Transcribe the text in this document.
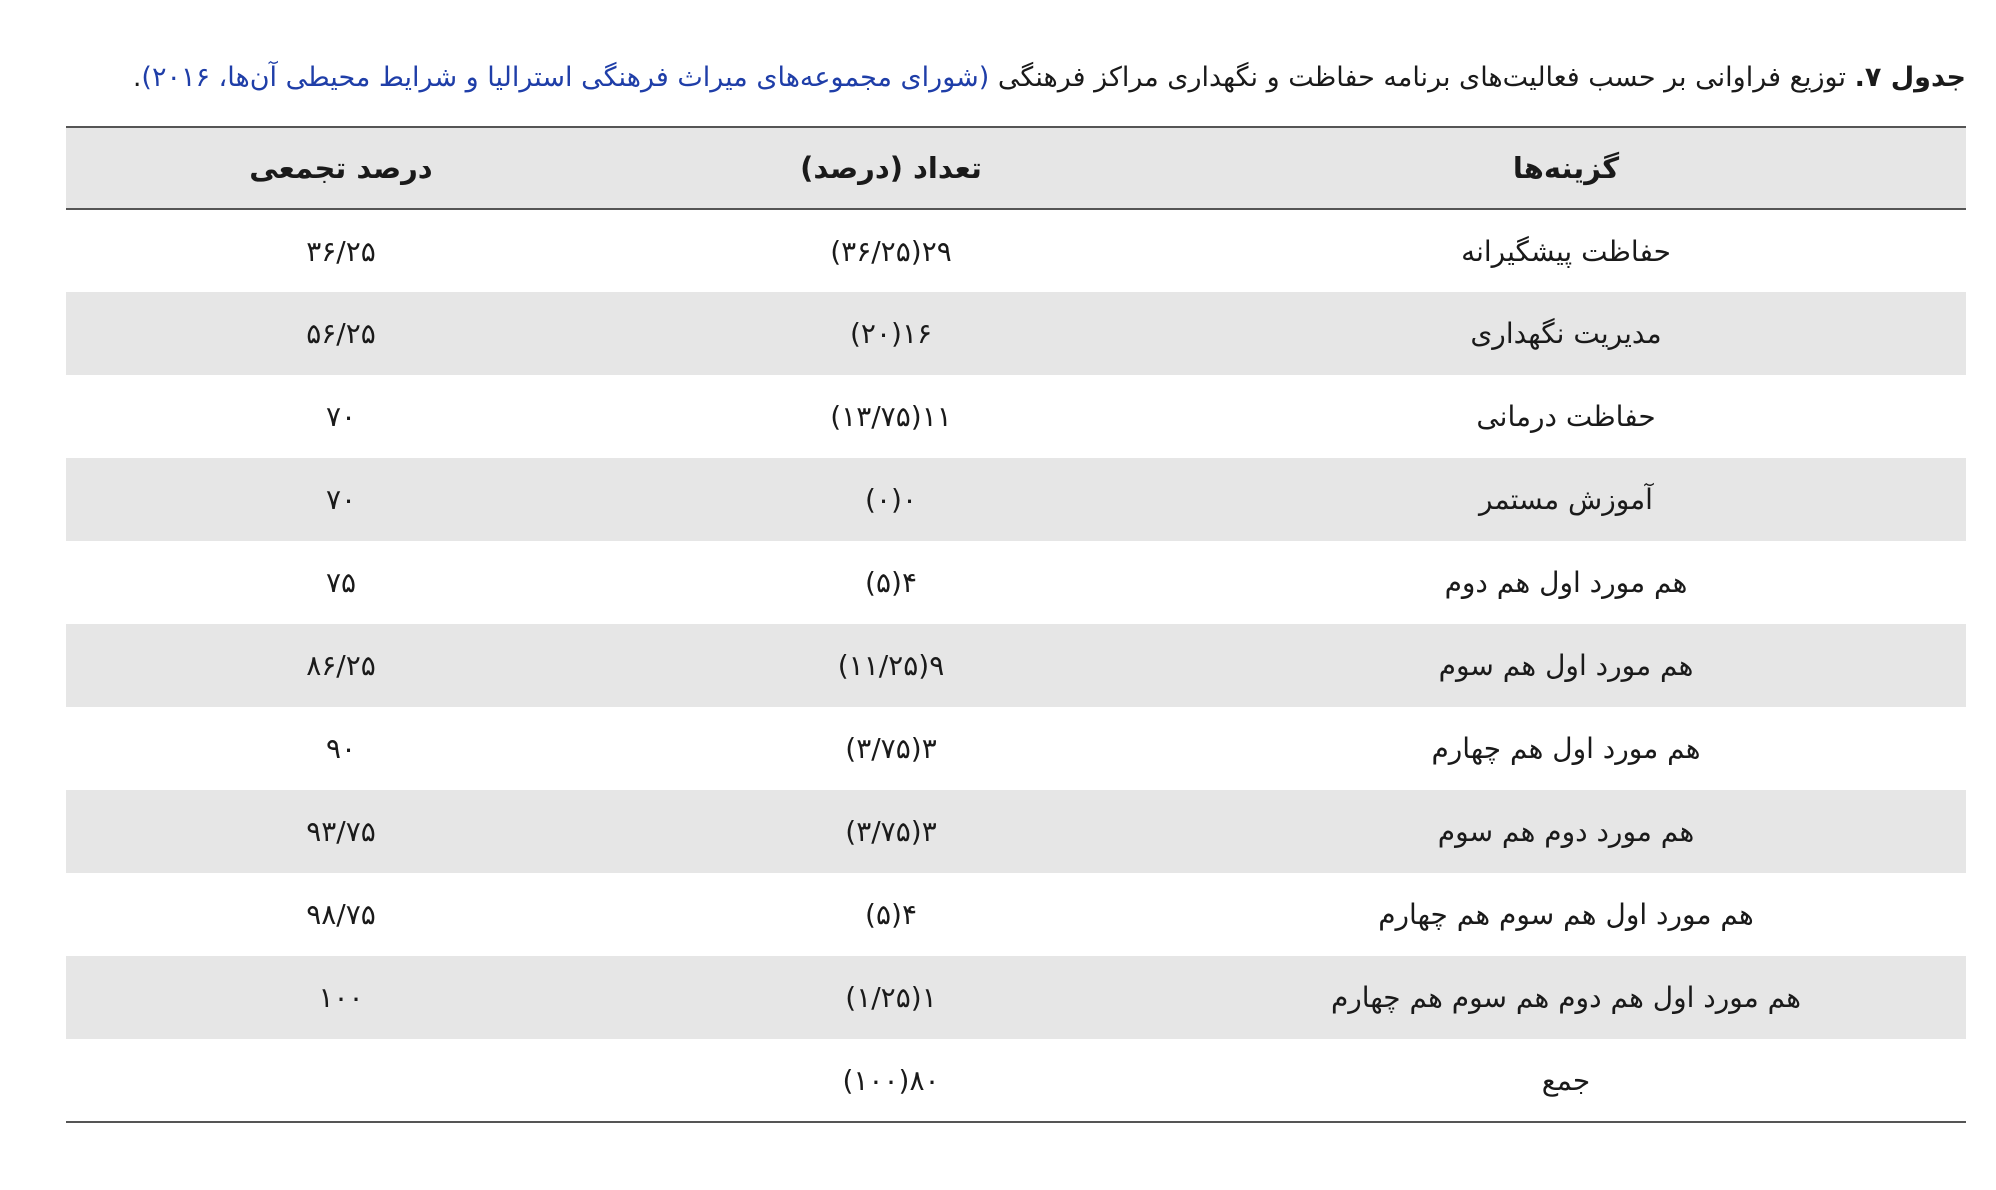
جدول ۷. توزیع فراوانی بر حسب فعالیت‌های برنامه حفاظت و نگهداری مراکز فرهنگی (شورای مجموعه‌های میراث فرهنگی استرالیا و شرایط محیطی آن‌ها، ۲۰۱۶).
گزینه‌ها	تعداد (درصد)	درصد تجمعی
حفاظت پیشگیرانه	۲۹(۳۶/۲۵)	۳۶/۲۵
مدیریت نگهداری	۱۶(۲۰)	۵۶/۲۵
حفاظت درمانی	۱۱(۱۳/۷۵)	۷۰
آموزش مستمر	۰(۰)	۷۰
هم مورد اول هم دوم	۴(۵)	۷۵
هم مورد اول هم سوم	۹(۱۱/۲۵)	۸۶/۲۵
هم مورد اول هم چهارم	۳(۳/۷۵)	۹۰
هم مورد دوم هم سوم	۳(۳/۷۵)	۹۳/۷۵
هم مورد اول هم سوم هم چهارم	۴(۵)	۹۸/۷۵
هم مورد اول هم دوم هم سوم هم چهارم	۱(۱/۲۵)	۱۰۰
جمع	۸۰(۱۰۰)	
